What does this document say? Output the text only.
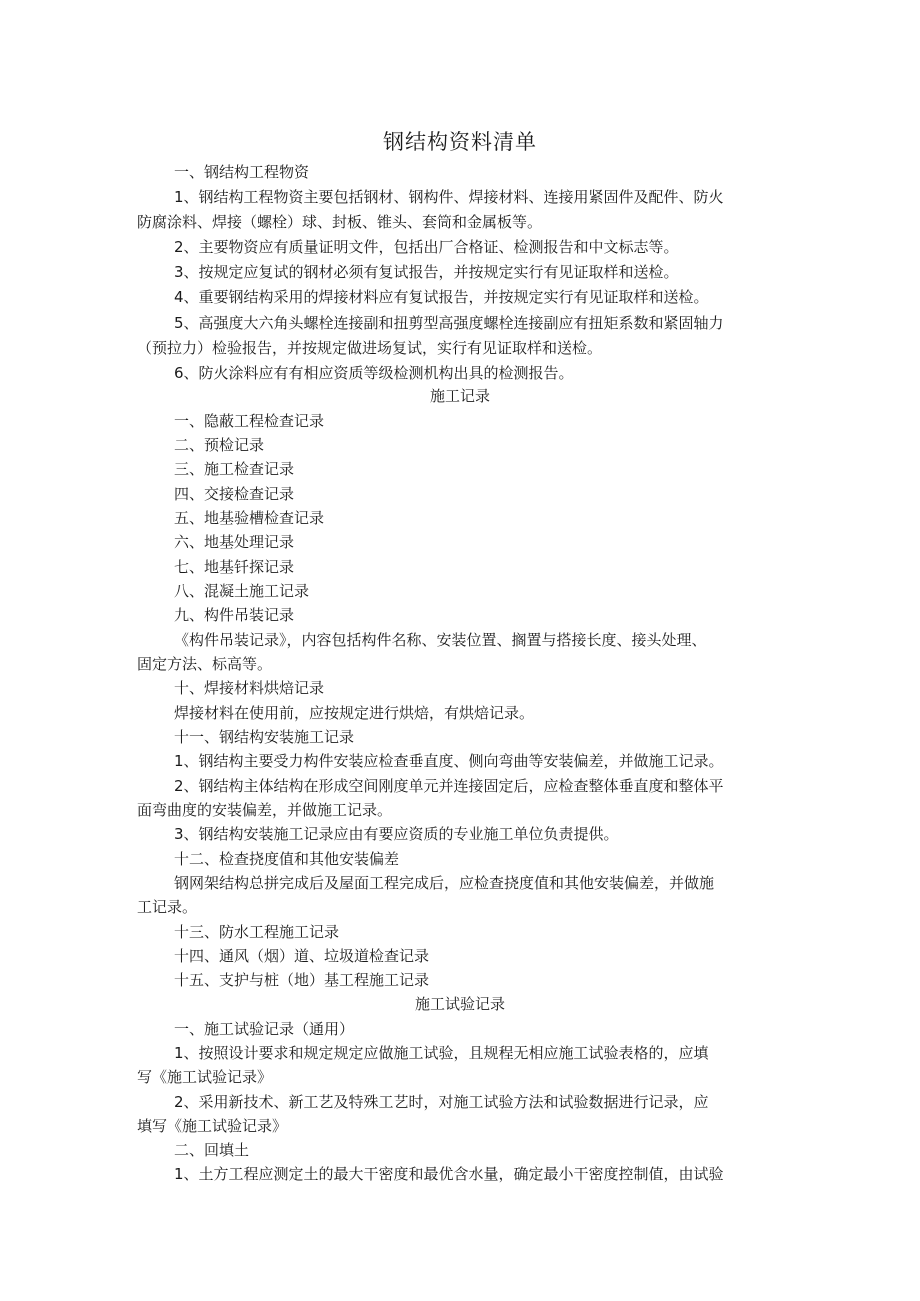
钢结构资料清单
一、钢结构工程物资
1、钢结构工程物资主要包括钢材、钢构件、焊接材料、连接用紧固件及配件、防火
防腐涂料、焊接（螺栓）球、封板、锥头、套筒和金属板等。
2、主要物资应有质量证明文件，包括出厂合格证、检测报告和中文标志等。
3、按规定应复试的钢材必须有复试报告，并按规定实行有见证取样和送检。
4、重要钢结构采用的焊接材料应有复试报告，并按规定实行有见证取样和送检。
5、高强度大六角头螺栓连接副和扭剪型高强度螺栓连接副应有扭矩系数和紧固轴力
（预拉力）检验报告，并按规定做进场复试，实行有见证取样和送检。
6、防火涂料应有有相应资质等级检测机构出具的检测报告。
施工记录
一、隐蔽工程检查记录
二、预检记录
三、施工检查记录
四、交接检查记录
五、地基验槽检查记录
六、地基处理记录
七、地基钎探记录
八、混凝土施工记录
九、构件吊装记录
《构件吊装记录》，内容包括构件名称、安装位置、搁置与搭接长度、接头处理、
固定方法、标高等。
十、焊接材料烘焙记录
焊接材料在使用前，应按规定进行烘焙，有烘焙记录。
十一、钢结构安装施工记录
1、钢结构主要受力构件安装应检查垂直度、侧向弯曲等安装偏差，并做施工记录。
2、钢结构主体结构在形成空间刚度单元并连接固定后，应检查整体垂直度和整体平
面弯曲度的安装偏差，并做施工记录。
3、钢结构安装施工记录应由有要应资质的专业施工单位负责提供。
十二、检查挠度值和其他安装偏差
钢网架结构总拼完成后及屋面工程完成后，应检查挠度值和其他安装偏差，并做施
工记录。
十三、防水工程施工记录
十四、通风（烟）道、垃圾道检查记录
十五、支护与桩（地）基工程施工记录
施工试验记录
一、施工试验记录（通用）
1、按照设计要求和规定规定应做施工试验，且规程无相应施工试验表格的，应填
写《施工试验记录》
2、采用新技术、新工艺及特殊工艺时，对施工试验方法和试验数据进行记录，应
填写《施工试验记录》
二、回填土
1、土方工程应测定土的最大干密度和最优含水量，确定最小干密度控制值，由试验
